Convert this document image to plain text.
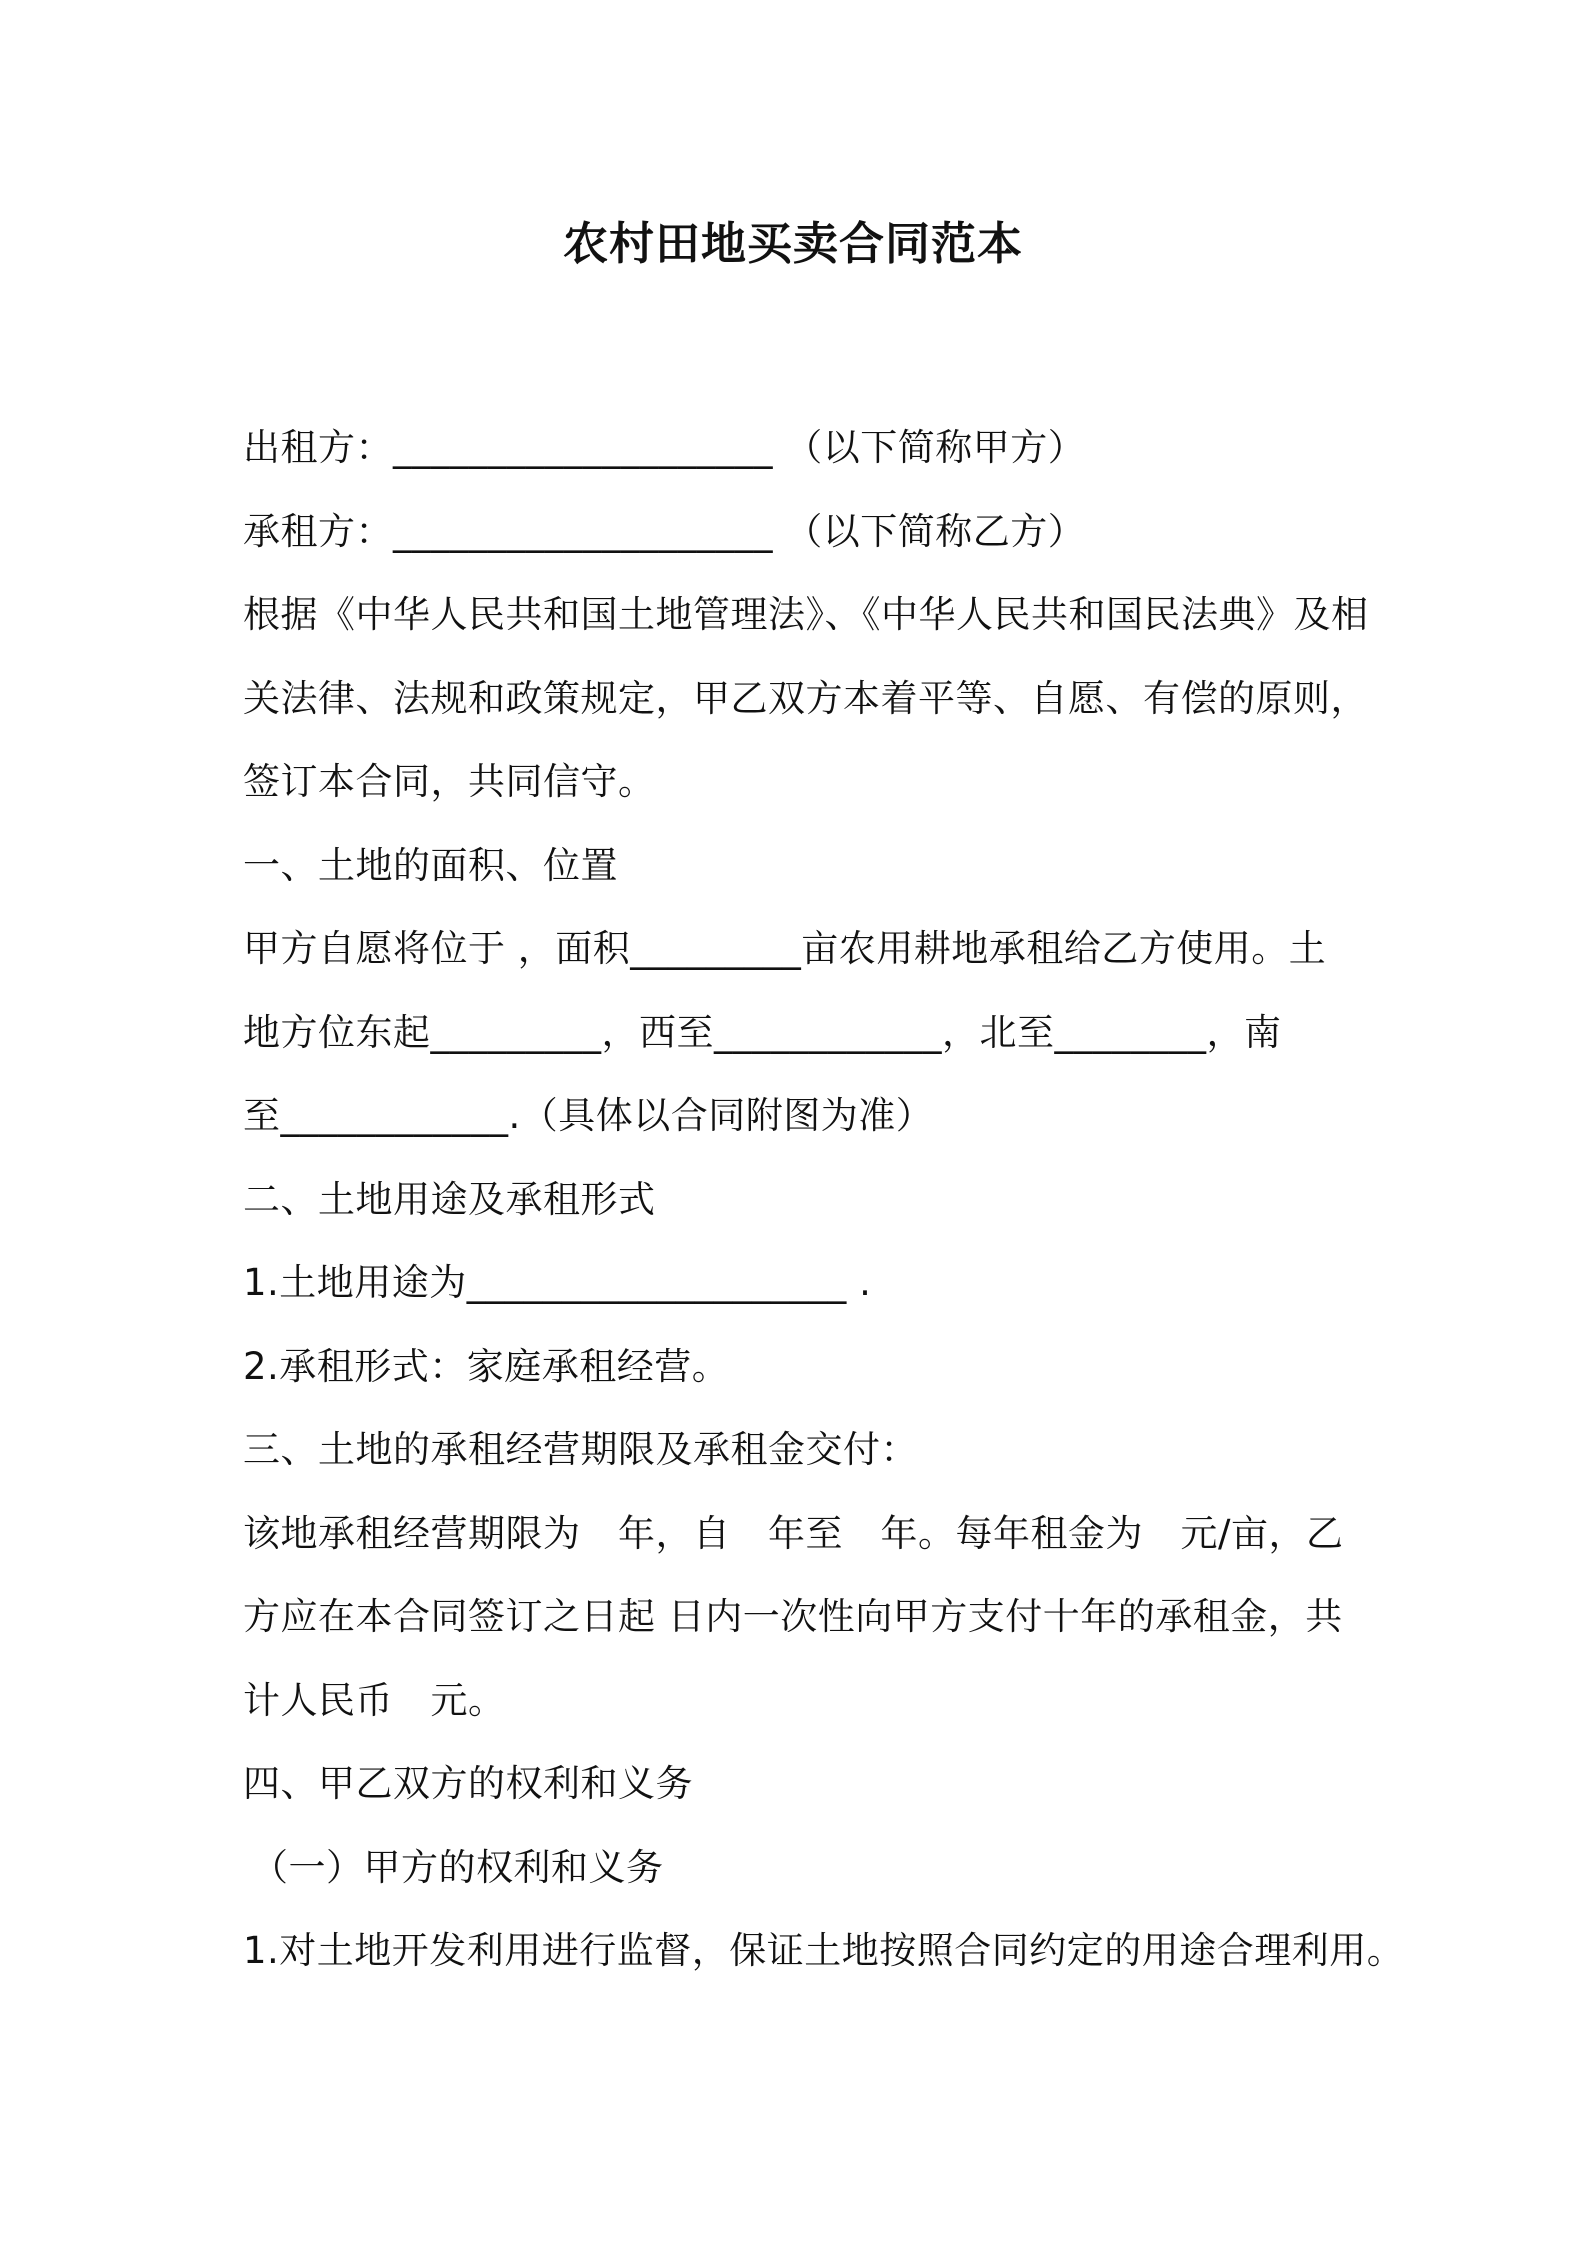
农村田地买卖合同范本
出租方：____________________ （以下简称甲方）
承租方：____________________ （以下简称乙方）
根据《中华人民共和国土地管理法》、《中华人民共和国民法典》及相
关法律、法规和政策规定，甲乙双方本着平等、自愿、有偿的原则，
签订本合同，共同信守。
一、土地的面积、位置
甲方自愿将位于 ，面积_________亩农用耕地承租给乙方使用。土
地方位东起_________，西至____________，北至________，南
至____________.（具体以合同附图为准）
二、土地用途及承租形式
1.土地用途为____________________ .
2.承租形式：家庭承租经营。
三、土地的承租经营期限及承租金交付：
该地承租经营期限为　年，自　年至　年。每年租金为　元/亩，乙
方应在本合同签订之日起 日内一次性向甲方支付十年的承租金，共
计人民币　元。
四、甲乙双方的权利和义务
（一）甲方的权利和义务
1.对土地开发利用进行监督，保证土地按照合同约定的用途合理利用。
